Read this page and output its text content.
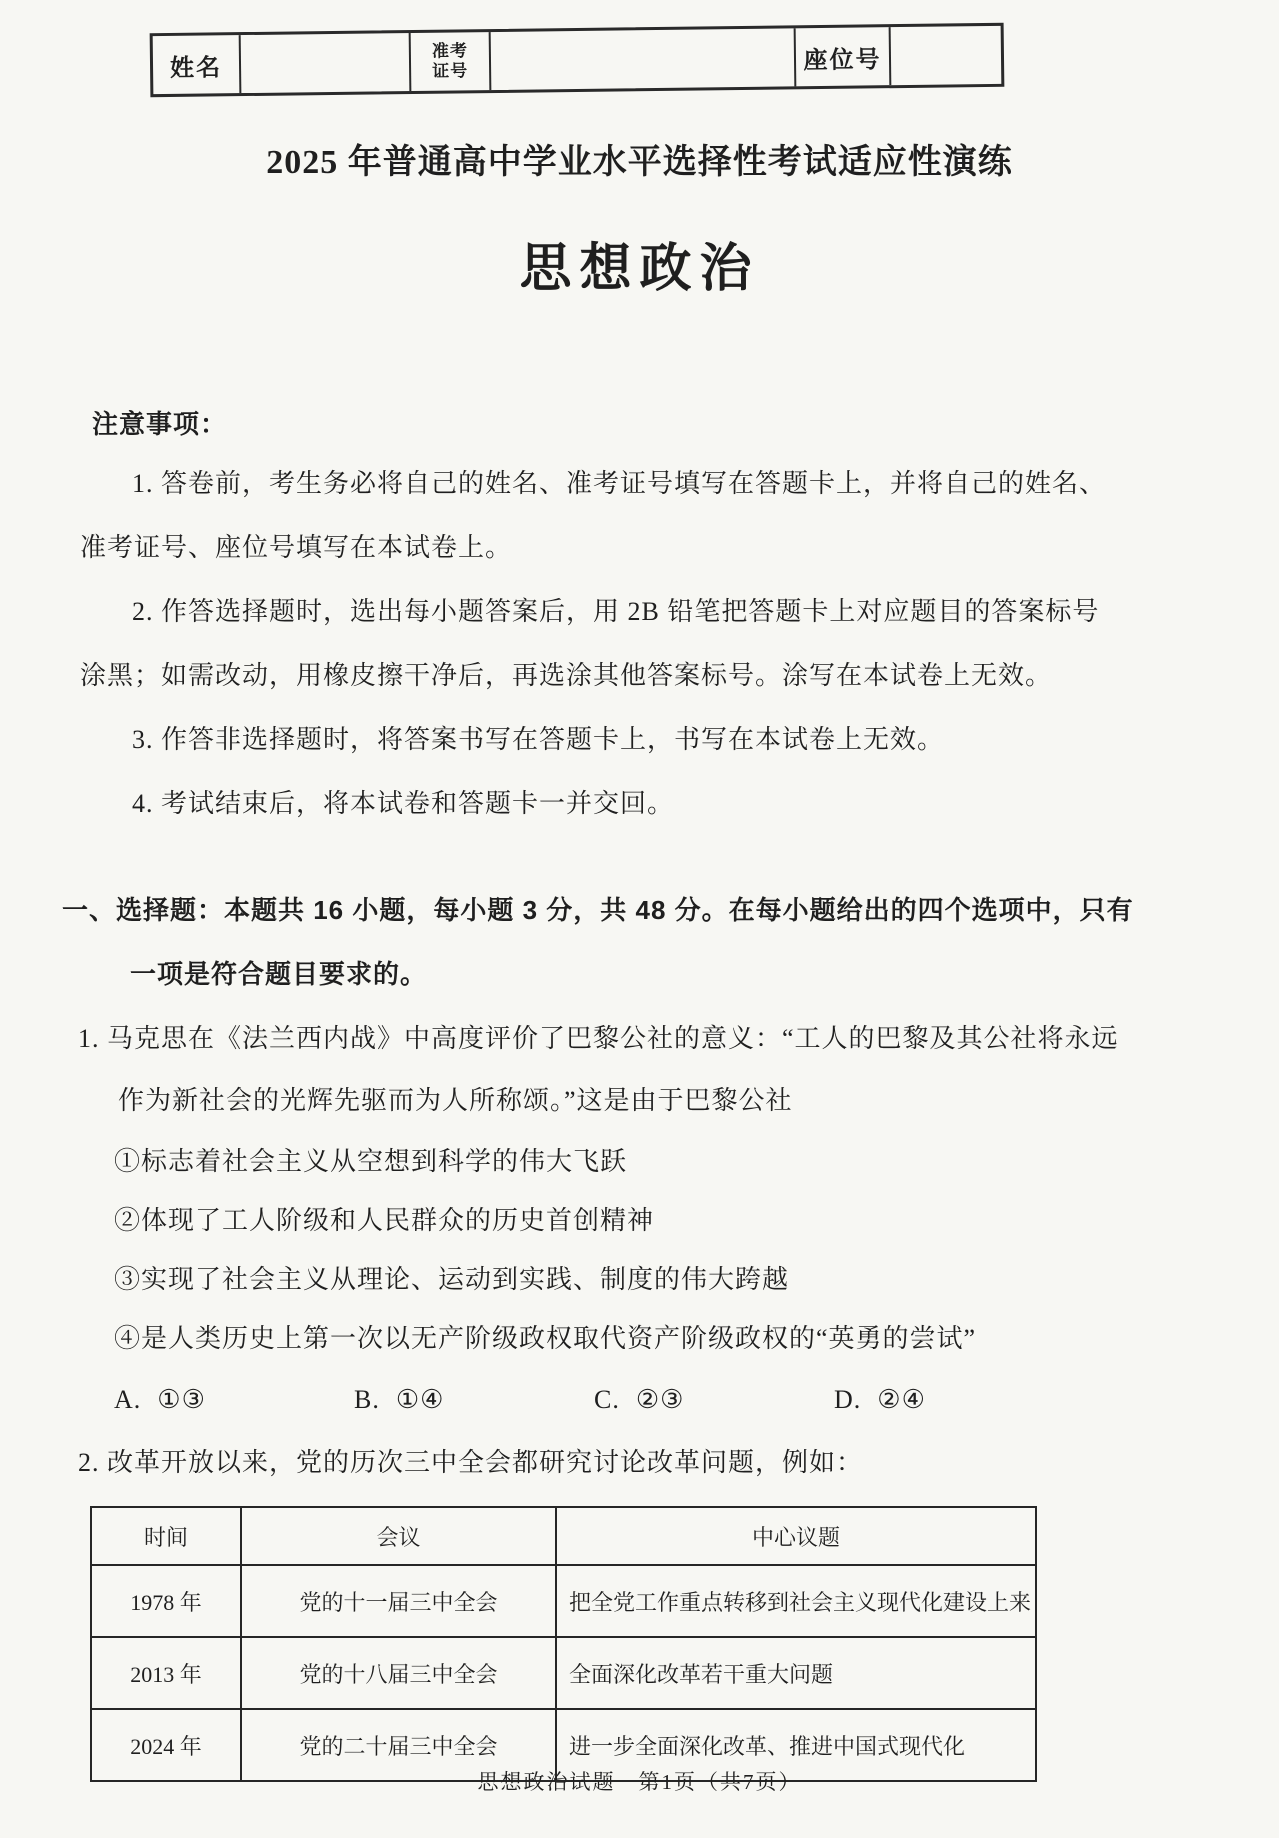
姓名
准考
证号	座位号
2025 年普通高中学业水平选择性考试适应性演练
思想政治
注意事项：
1. 答卷前，考生务必将自己的姓名、准考证号填写在答题卡上，并将自己的姓名、
准考证号、座位号填写在本试卷上。
2. 作答选择题时，选出每小题答案后，用 2B 铅笔把答题卡上对应题目的答案标号
涂黑；如需改动，用橡皮擦干净后，再选涂其他答案标号。涂写在本试卷上无效。
3. 作答非选择题时，将答案书写在答题卡上，书写在本试卷上无效。
4. 考试结束后，将本试卷和答题卡一并交回。
一、选择题：本题共 16 小题，每小题 3 分，共 48 分。在每小题给出的四个选项中，只有
一项是符合题目要求的。
1. 马克思在《法兰西内战》中高度评价了巴黎公社的意义：“工人的巴黎及其公社将永远
作为新社会的光辉先驱而为人所称颂。”这是由于巴黎公社
①标志着社会主义从空想到科学的伟大飞跃
②体现了工人阶级和人民群众的历史首创精神
③实现了社会主义从理论、运动到实践、制度的伟大跨越
④是人类历史上第一次以无产阶级政权取代资产阶级政权的“英勇的尝试”
A. ①③	B. ①④	C. ②③	D. ②④
2. 改革开放以来，党的历次三中全会都研究讨论改革问题，例如：
时间	会议	中心议题
1978 年	党的十一届三中全会	把全党工作重点转移到社会主义现代化建设上来
2013 年	党的十八届三中全会	全面深化改革若干重大问题
2024 年	党的二十届三中全会	进一步全面深化改革、推进中国式现代化
思想政治试题　第1页（共7页）
